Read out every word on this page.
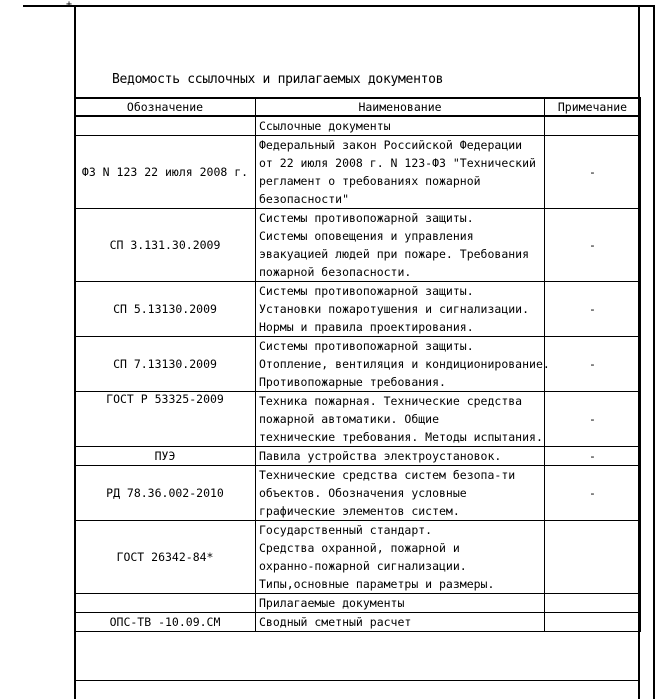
+
Ведомость ссылочных и прилагаемых документов
Обозначение	Наименование	Примечание

	Ссылочные документы	

ФЗ N 123 22 июля 2008 г.	Федеральный закон Российской Федерации
от 22 июля 2008 г. N 123-ФЗ "Технический
регламент о требованиях пожарной
безопасности"	-
СП 3.131.30.2009	Системы противопожарной защиты.
Системы оповещения и управления
эвакуацией людей при пожаре. Требования
пожарной безопасности.	-
СП 5.13130.2009	Системы противопожарной защиты.
Установки пожаротушения и сигнализации.
Нормы и правила проектирования.	-
СП 7.13130.2009	Системы противопожарной защиты.
Отопление, вентиляция и кондиционирование.
Противопожарные требования.	-
ГОСТ Р 53325-2009	Техника пожарная. Технические средства
пожарной автоматики. Общие
технические требования. Методы испытания.	-
ПУЭ	Павила устройства электроустановок.	-
РД 78.36.002-2010	Технические средства систем безопа-ти
объектов. Обозначения условные
графические элементов систем.	-
ГОСТ 26342-84*	Государственный стандарт.
Средства охранной, пожарной и
охранно-пожарной сигнализации.
Типы,основные параметры и размеры.	

	Прилагаемые документы	

ОПС-ТВ -10.09.СМ	Сводный сметный расчет	
